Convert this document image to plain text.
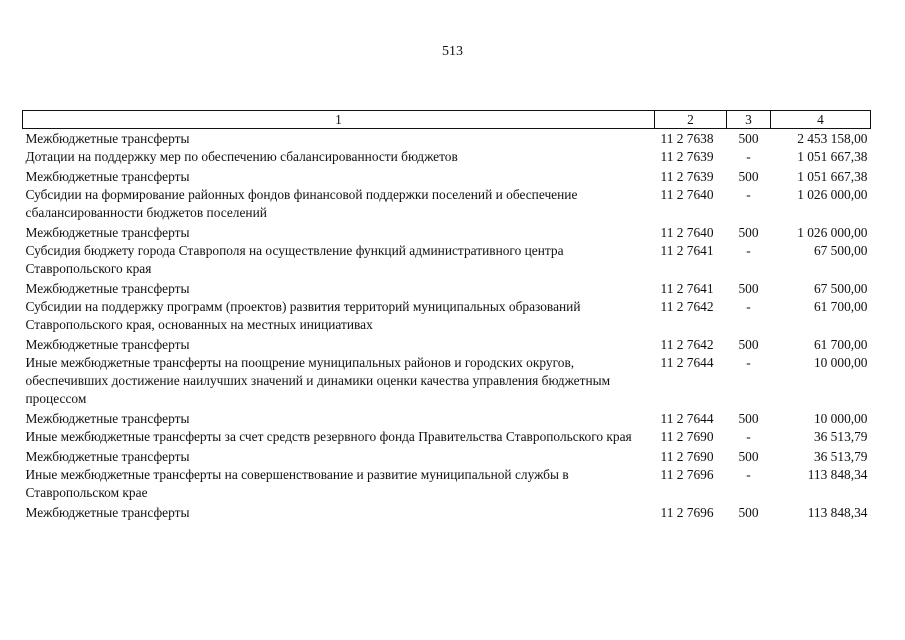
513
1	2	3	4
Межбюджетные трансферты	11 2 7638	500	2 453 158,00
Дотации на поддержку мер по обеспечению сбалансированности бюджетов	11 2 7639	-	1 051 667,38
Межбюджетные трансферты	11 2 7639	500	1 051 667,38
Субсидии на формирование районных фондов финансовой поддержки поселений и обеспечение сбалансированности бюджетов поселений	11 2 7640	-	1 026 000,00
Межбюджетные трансферты	11 2 7640	500	1 026 000,00
Субсидия бюджету города Ставрополя на осуществление функций административного центра Ставропольского края	11 2 7641	-	67 500,00
Межбюджетные трансферты	11 2 7641	500	67 500,00
Субсидии на поддержку программ (проектов) развития территорий муниципальных образований Ставропольского края, основанных на местных инициативах	11 2 7642	-	61 700,00
Межбюджетные трансферты	11 2 7642	500	61 700,00
Иные межбюджетные трансферты на поощрение муниципальных районов и городских округов, обеспечивших достижение наилучших значений и динамики оценки качества управления бюджетным процессом	11 2 7644	-	10 000,00
Межбюджетные трансферты	11 2 7644	500	10 000,00
Иные межбюджетные трансферты за счет средств резервного фонда Правительства Ставропольского края	11 2 7690	-	36 513,79
Межбюджетные трансферты	11 2 7690	500	36 513,79
Иные межбюджетные трансферты на совершенствование и развитие муниципальной службы в Ставропольском крае	11 2 7696	-	113 848,34
Межбюджетные трансферты	11 2 7696	500	113 848,34
